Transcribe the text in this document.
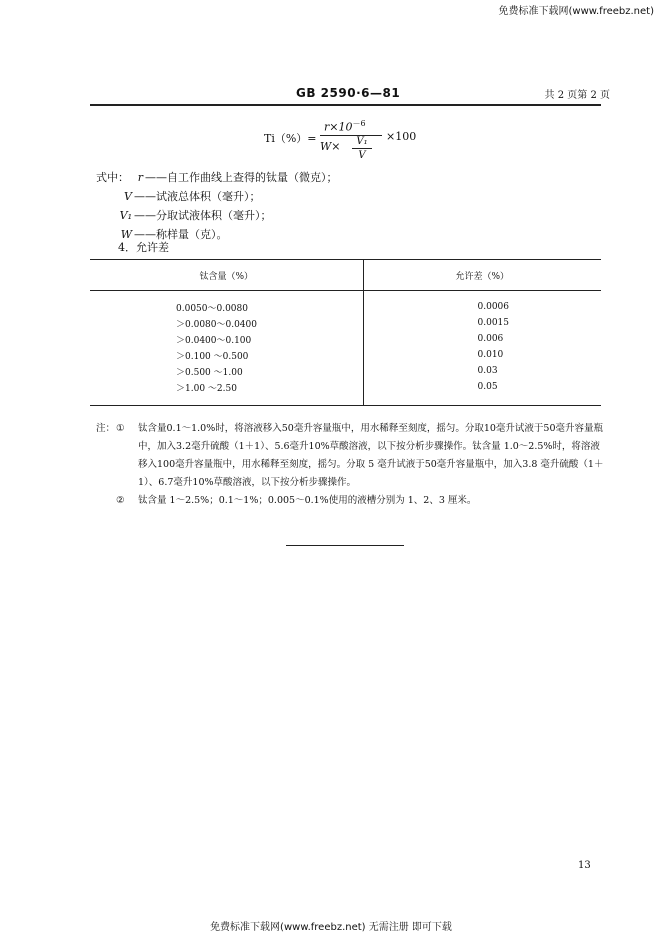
免费标准下载网(www.freebz.net)
GB 2590·6—81	共 2 页第 2 页
Ti（%）=
$r\times 10^{-6}$
W×	V₁
V
×100
式中： r ——自工作曲线上查得的钛量（微克）；
V ——试液总体积（毫升）；
V₁ ——分取试液体积（毫升）；
W ——称样量（克）。
4．允许差
钛含量（%）	允许差（%）
0.0050～0.0080	0.0006
＞0.0080～0.0400	0.0015
＞0.0400～0.100	0.006
＞0.100 ～0.500	0.010
＞0.500 ～1.00	0.03
＞1.00 ～2.50	0.05
注： ①	钛含量0.1～1.0%时，将溶液移入50毫升容量瓶中，用水稀释至刻度，摇匀。分取10毫升试液于50毫升容量瓶中，加入3.2毫升硫酸（1＋1）、5.6毫升10%草酸溶液，以下按分析步骤操作。钛含量 1.0～2.5%时，将溶液移入100毫升容量瓶中，用水稀释至刻度，摇匀。分取 5 毫升试液于50毫升容量瓶中，加入3.8 毫升硫酸（1＋1）、6.7毫升10%草酸溶液，以下按分析步骤操作。
②	钛含量 1～2.5%；0.1～1%；0.005～0.1%使用的液槽分别为 1、2、3 厘米。
13
免费标准下载网(www.freebz.net) 无需注册 即可下载
